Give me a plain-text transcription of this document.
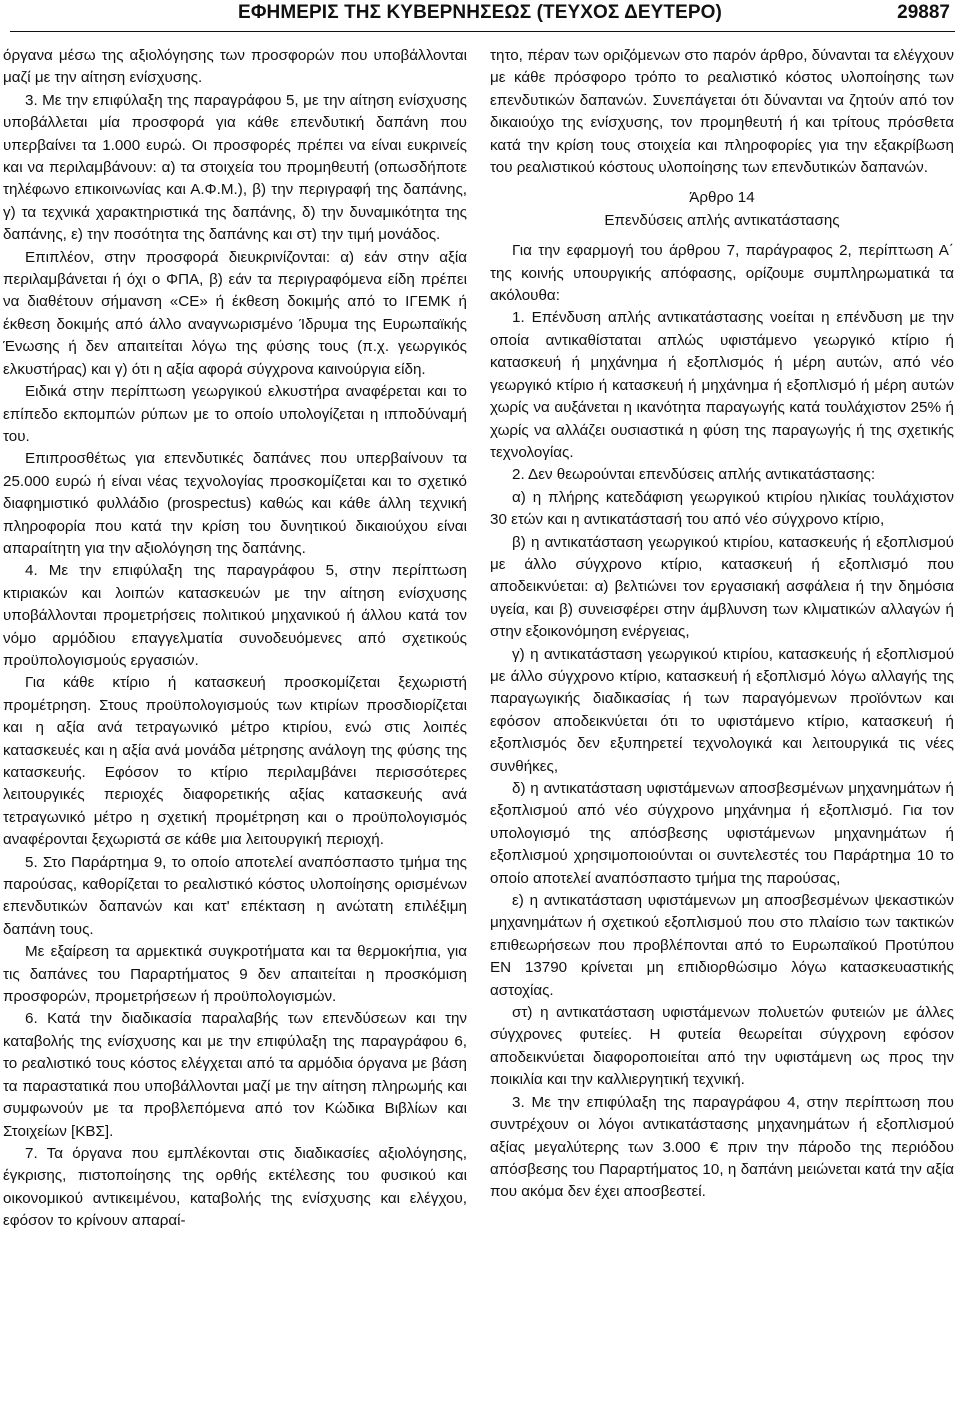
ΕΦΗΜΕΡΙΣ ΤΗΣ ΚΥΒΕΡΝΗΣΕΩΣ (ΤΕΥΧΟΣ ΔΕΥΤΕΡΟ)	29887

όργανα μέσω της αξιολόγησης των προσφορών που υποβάλλονται μαζί με την αίτηση ενίσχυσης.

3. Με την επιφύλαξη της παραγράφου 5, με την αίτηση ενίσχυσης υποβάλλεται μία προσφορά για κάθε επενδυτική δαπάνη που υπερβαίνει τα 1.000 ευρώ. Οι προσφορές πρέπει να είναι ευκρινείς και να περιλαμβάνουν: α) τα στοιχεία του προμηθευτή (οπωσδήποτε τηλέφωνο επικοινωνίας και Α.Φ.Μ.), β) την περιγραφή της δαπάνης, γ) τα τεχνικά χαρακτηριστικά της δαπάνης, δ) την δυναμικότητα της δαπάνης, ε) την ποσότητα της δαπάνης και στ) την τιμή μονάδος.

Επιπλέον, στην προσφορά διευκρινίζονται: α) εάν στην αξία περιλαμβάνεται ή όχι ο ΦΠΑ, β) εάν τα περιγραφόμενα είδη πρέπει να διαθέτουν σήμανση «CE» ή έκθεση δοκιμής από το ΙΓΕΜΚ ή έκθεση δοκιμής από άλλο αναγνωρισμένο Ίδρυμα της Ευρωπαϊκής Ένωσης ή δεν απαιτείται λόγω της φύσης τους (π.χ. γεωργικός ελκυστήρας) και γ) ότι η αξία αφορά σύγχρονα καινούργια είδη.

Ειδικά στην περίπτωση γεωργικού ελκυστήρα αναφέρεται και το επίπεδο εκπομπών ρύπων με το οποίο υπολογίζεται η ιπποδύναμή του.

Επιπροσθέτως για επενδυτικές δαπάνες που υπερβαίνουν τα 25.000 ευρώ ή είναι νέας τεχνολογίας προσκομίζεται και το σχετικό διαφημιστικό φυλλάδιο (prospectus) καθώς και κάθε άλλη τεχνική πληροφορία που κατά την κρίση του δυνητικού δικαιούχου είναι απαραίτητη για την αξιολόγηση της δαπάνης.

4. Με την επιφύλαξη της παραγράφου 5, στην περίπτωση κτιριακών και λοιπών κατασκευών με την αίτηση ενίσχυσης υποβάλλονται προμετρήσεις πολιτικού μηχανικού ή άλλου κατά τον νόμο αρμόδιου επαγγελματία συνοδευόμενες από σχετικούς προϋπολογισμούς εργασιών.

Για κάθε κτίριο ή κατασκευή προσκομίζεται ξεχωριστή προμέτρηση. Στους προϋπολογισμούς των κτιρίων προσδιορίζεται και η αξία ανά τετραγωνικό μέτρο κτιρίου, ενώ στις λοιπές κατασκευές και η αξία ανά μονάδα μέτρησης ανάλογη της φύσης της κατασκευής. Εφόσον το κτίριο περιλαμβάνει περισσότερες λειτουργικές περιοχές διαφορετικής αξίας κατασκευής ανά τετραγωνικό μέτρο η σχετική προμέτρηση και ο προϋπολογισμός αναφέρονται ξεχωριστά σε κάθε μια λειτουργική περιοχή.

5. Στο Παράρτημα 9, το οποίο αποτελεί αναπόσπαστο τμήμα της παρούσας, καθορίζεται το ρεαλιστικό κόστος υλοποίησης ορισμένων επενδυτικών δαπανών και κατ' επέκταση η ανώτατη επιλέξιμη δαπάνη τους.

Με εξαίρεση τα αρμεκτικά συγκροτήματα και τα θερμοκήπια, για τις δαπάνες του Παραρτήματος 9 δεν απαιτείται η προσκόμιση προσφορών, προμετρήσεων ή προϋπολογισμών.

6. Κατά την διαδικασία παραλαβής των επενδύσεων και την καταβολής της ενίσχυσης και με την επιφύλαξη της παραγράφου 6, το ρεαλιστικό τους κόστος ελέγχεται από τα αρμόδια όργανα με βάση τα παραστατικά που υποβάλλονται μαζί με την αίτηση πληρωμής και συμφωνούν με τα προβλεπόμενα από τον Κώδικα Βιβλίων και Στοιχείων [ΚΒΣ].

7. Τα όργανα που εμπλέκονται στις διαδικασίες αξιολόγησης, έγκρισης, πιστοποίησης της ορθής εκτέλεσης του φυσικού και οικονομικού αντικειμένου, καταβολής της ενίσχυσης και ελέγχου, εφόσον το κρίνουν απαραί-

τητο, πέραν των οριζόμενων στο παρόν άρθρο, δύνανται τα ελέγχουν με κάθε πρόσφορο τρόπο το ρεαλιστικό κόστος υλοποίησης των επενδυτικών δαπανών. Συνεπάγεται ότι δύνανται να ζητούν από τον δικαιούχο της ενίσχυσης, τον προμηθευτή ή και τρίτους πρόσθετα κατά την κρίση τους στοιχεία και πληροφορίες για την εξακρίβωση του ρεαλιστικού κόστους υλοποίησης των επενδυτικών δαπανών.

Άρθρο 14

Επενδύσεις απλής αντικατάστασης

Για την εφαρμογή του άρθρου 7, παράγραφος 2, περίπτωση Α΄ της κοινής υπουργικής απόφασης, ορίζουμε συμπληρωματικά τα ακόλουθα:

1. Επένδυση απλής αντικατάστασης νοείται η επένδυση με την οποία αντικαθίσταται απλώς υφιστάμενο γεωργικό κτίριο ή κατασκευή ή μηχάνημα ή εξοπλισμός ή μέρη αυτών, από νέο γεωργικό κτίριο ή κατασκευή ή μηχάνημα ή εξοπλισμό ή μέρη αυτών χωρίς να αυξάνεται η ικανότητα παραγωγής κατά τουλάχιστον 25% ή χωρίς να αλλάζει ουσιαστικά η φύση της παραγωγής ή της σχετικής τεχνολογίας.

2. Δεν θεωρούνται επενδύσεις απλής αντικατάστασης:

α) η πλήρης κατεδάφιση γεωργικού κτιρίου ηλικίας τουλάχιστον 30 ετών και η αντικατάστασή του από νέο σύγχρονο κτίριο,

β) η αντικατάσταση γεωργικού κτιρίου, κατασκευής ή εξοπλισμού με άλλο σύγχρονο κτίριο, κατασκευή ή εξοπλισμό που αποδεικνύεται: α) βελτιώνει τον εργασιακή ασφάλεια ή την δημόσια υγεία, και β) συνεισφέρει στην άμβλυνση των κλιματικών αλλαγών ή στην εξοικονόμηση ενέργειας,

γ) η αντικατάσταση γεωργικού κτιρίου, κατασκευής ή εξοπλισμού με άλλο σύγχρονο κτίριο, κατασκευή ή εξοπλισμό λόγω αλλαγής της παραγωγικής διαδικασίας ή των παραγόμενων προϊόντων και εφόσον αποδεικνύεται ότι το υφιστάμενο κτίριο, κατασκευή ή εξοπλισμός δεν εξυπηρετεί τεχνολογικά και λειτουργικά τις νέες συνθήκες,

δ) η αντικατάσταση υφιστάμενων αποσβεσμένων μηχανημάτων ή εξοπλισμού από νέο σύγχρονο μηχάνημα ή εξοπλισμό. Για τον υπολογισμό της απόσβεσης υφιστάμενων μηχανημάτων ή εξοπλισμού χρησιμοποιούνται οι συντελεστές του Παράρτημα 10 το οποίο αποτελεί αναπόσπαστο τμήμα της παρούσας,

ε) η αντικατάσταση υφιστάμενων μη αποσβεσμένων ψεκαστικών μηχανημάτων ή σχετικού εξοπλισμού που στο πλαίσιο των τακτικών επιθεωρήσεων που προβλέπονται από το Ευρωπαϊκού Προτύπου ΕΝ 13790 κρίνεται μη επιδιορθώσιμο λόγω κατασκευαστικής αστοχίας.

στ) η αντικατάσταση υφιστάμενων πολυετών φυτειών με άλλες σύγχρονες φυτείες. Η φυτεία θεωρείται σύγχρονη εφόσον αποδεικνύεται διαφοροποιείται από την υφιστάμενη ως προς την ποικιλία και την καλλιεργητική τεχνική.

3. Με την επιφύλαξη της παραγράφου 4, στην περίπτωση που συντρέχουν οι λόγοι αντικατάστασης μηχανημάτων ή εξοπλισμού αξίας μεγαλύτερης των 3.000 € πριν την πάροδο της περιόδου απόσβεσης του Παραρτήματος 10, η δαπάνη μειώνεται κατά την αξία που ακόμα δεν έχει αποσβεστεί.
